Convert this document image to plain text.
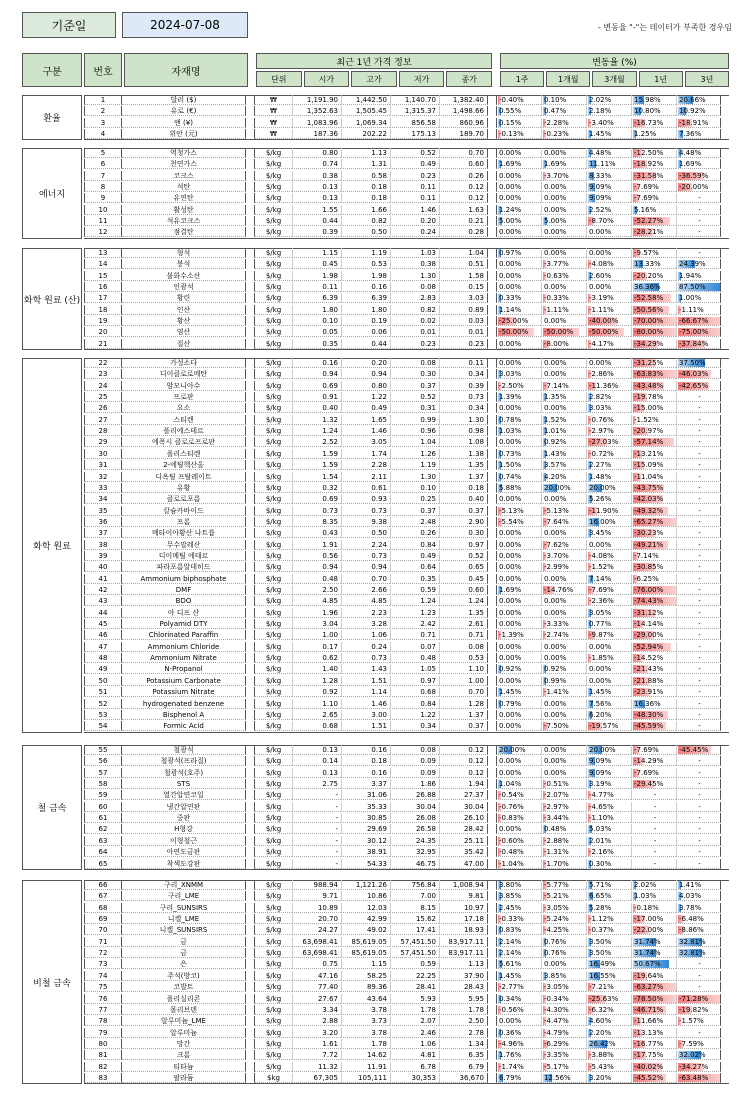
기준일	2024-07-08	- 변동율 "-"는 데이터가 부족한 경우임
구분	번호	자재명
최근 1년 가격 정보
단위	시가	고가	저가	종가
변동율 (%)
1주	1개월	3개월	1년	3년
환율
1	달러 ($)	₩	1,191.90	1,442.50	1,140.70	1,382.40	-0.40%	0.10%	2.02%	15.98%	20.66%
2	유로 (€)	₩	1,352.63	1,505.45	1,315.37	1,498.66	0.55%	0.47%	2.18%	10.80%	10.92%
3	엔 (¥)	₩	1,083.96	1,069.34	856.58	860.96	0.15%	-2.28%	-3.40%	-16.73%	-18.91%
4	위안 (元)	₩	187.36	202.22	175.13	189.70	-0.13%	-0.23%	1.45%	1.25%	7.36%
에너지
5	역청가스	$/kg	0.80	1.13	0.52	0.70	0.00%	0.00%	4.48%	-12.50%	4.48%
6	천연가스	$/kg	0.74	1.31	0.49	0.60	1.69%	1.69%	11.11%	-18.92%	1.69%
7	코크스	$/kg	0.38	0.58	0.23	0.26	0.00%	-3.70%	8.33%	-31.58%	-36.59%
8	석탄	$/kg	0.13	0.18	0.11	0.12	0.00%	0.00%	9.09%	-7.69%	-20.00%
9	유연탄	$/kg	0.13	0.18	0.11	0.12	0.00%	0.00%	9.09%	-7.69%	-
10	활성탄	$/kg	1.55	1.66	1.46	1.63	1.24%	0.00%	2.52%	5.16%	-
11	석유코크스	$/kg	0.44	0.82	0.20	0.21	5.00%	5.00%	-8.70%	-52.27%	-
12	점결탄	$/kg	0.39	0.50	0.24	0.28	0.00%	0.00%	0.00%	-28.21%	-
화학 원료 (산)
13	형석	$/kg	1.15	1.19	1.03	1.04	0.97%	0.00%	0.00%	-9.57%	-
14	붕석	$/kg	0.45	0.53	0.38	0.51	0.00%	-3.77%	-4.08%	13.33%	24.39%
15	불화수소산	$/kg	1.98	1.98	1.30	1.58	0.00%	-0.63%	2.60%	-20.20%	1.94%
16	인광석	$/kg	0.11	0.16	0.08	0.15	0.00%	0.00%	0.00%	36.36%	87.50%
17	황린	$/kg	6.39	6.39	2.83	3.03	0.33%	-0.33%	-3.19%	-52.58%	1.00%
18	인산	$/kg	1.80	1.80	0.82	0.89	1.14%	-1.11%	-1.11%	-50.56%	-1.11%
19	황산	$/kg	0.10	0.19	0.02	0.03	-25.00%	0.00%	-40.00%	-70.00%	-66.67%
20	염산	$/kg	0.05	0.06	0.01	0.01	-50.00%	-50.00%	-50.00%	-80.00%	-75.00%
21	질산	$/kg	0.35	0.44	0.23	0.23	0.00%	-8.00%	-4.17%	-34.29%	-37.84%
화학 원료
22	가성소다	$/kg	0.16	0.20	0.08	0.11	0.00%	0.00%	0.00%	-31.25%	37.50%
23	디이클로로메탄	$/kg	0.94	0.94	0.30	0.34	3.03%	0.00%	-2.86%	-63.83%	-46.03%
24	암모니아수	$/kg	0.69	0.80	0.37	0.39	-2.50%	-7.14%	-11.36%	-43.48%	-42.65%
25	프로판	$/kg	0.91	1.22	0.52	0.73	1.39%	1.35%	2.82%	-19.78%	-
26	요소	$/kg	0.40	0.49	0.31	0.34	0.00%	0.00%	3.03%	-15.00%	-
27	스티렌	$/kg	1.32	1.65	0.99	1.30	0.78%	1.52%	-0.76%	-1.52%	-
28	폴리에스테르	$/kg	1.24	1.46	0.96	0.98	1.03%	1.01%	-2.97%	-20.97%	-
29	에폭시 클로로프로판	$/kg	2.52	3.05	1.04	1.08	0.00%	0.92%	-27.03%	-57.14%	-
30	폴리스티렌	$/kg	1.59	1.74	1.26	1.38	0.73%	1.43%	-0.72%	-13.21%	-
31	2-에틸헥산올	$/kg	1.59	2.28	1.19	1.35	1.50%	3.57%	2.27%	-15.09%	-
32	디옥틸 프탈레이트	$/kg	1.54	2.11	1.30	1.37	0.74%	4.20%	1.48%	-11.04%	-
33	유황	$/kg	0.32	0.61	0.10	0.18	5.88%	20.00%	20.00%	-43.75%	-
34	클로로포름	$/kg	0.69	0.93	0.25	0.40	0.00%	0.00%	5.26%	-42.03%	-
35	칼슘카바이드	$/kg	0.73	0.73	0.37	0.37	-5.13%	-5.13%	-11.90%	-49.32%	-
36	프롬	$/kg	8.35	9.38	2.48	2.90	-5.54%	-7.64%	16.00%	-65.27%	-
37	메타이아황산 나트륨	$/kg	0.43	0.50	0.26	0.30	0.00%	0.00%	3.45%	-30.23%	-
38	무수말레산	$/kg	1.91	2.24	0.84	0.97	0.00%	-7.62%	0.00%	-49.21%	-
39	디이메틸 에테르	$/kg	0.56	0.73	0.49	0.52	0.00%	-3.70%	-4.08%	-7.14%	-
40	파라포름알데히드	$/kg	0.94	0.94	0.64	0.65	0.00%	-2.99%	-1.52%	-30.85%	-
41	Ammonium biphosphate	$/kg	0.48	0.70	0.35	0.45	0.00%	0.00%	7.14%	-6.25%	-
42	DMF	$/kg	2.50	2.66	0.59	0.60	1.69%	-14.76%	-7.69%	-76.00%	-
43	BDO	$/kg	4.85	4.85	1.24	1.24	0.00%	0.00%	-2.36%	-74.43%	-
44	아 디프 산	$/kg	1.96	2.23	1.23	1.35	0.00%	0.00%	3.05%	-31.12%	-
45	Polyamid DTY	$/kg	3.04	3.28	2.42	2.61	0.00%	-3.33%	0.77%	-14.14%	-
46	Chlorinated Paraffin	$/kg	1.00	1.06	0.71	0.71	-1.39%	-2.74%	-9.87%	-29.00%	-
47	Ammonium Chloride	$/kg	0.17	0.24	0.07	0.08	0.00%	0.00%	0.00%	-52.94%	-
48	Ammonium Nitrate	$/kg	0.62	0.73	0.48	0.53	0.00%	0.00%	-1.85%	-14.52%	-
49	N-Propanol	$/kg	1.40	1.43	1.05	1.10	0.92%	0.92%	0.00%	-21.43%	-
50	Potassium Carbonate	$/kg	1.28	1.51	0.97	1.00	0.00%	0.99%	0.00%	-21.88%	-
51	Potassium Nitrate	$/kg	0.92	1.14	0.68	0.70	1.45%	-1.41%	1.45%	-23.91%	-
52	hydrogenated benzene	$/kg	1.10	1.46	0.84	1.28	0.79%	0.00%	7.56%	16.36%	-
53	Bisphenol A	$/kg	2.65	3.00	1.22	1.37	0.00%	0.00%	6.20%	-48.30%	-
54	Formic Acid	$/kg	0.68	1.51	0.34	0.37	0.00%	-7.50%	-19.57%	-45.59%	-
철 금속
55	철광석	$/kg	0.13	0.16	0.08	0.12	20.00%	0.00%	20.00%	-7.69%	-45.45%
56	철광석(프라질)	$/kg	0.14	0.18	0.09	0.12	0.00%	0.00%	9.09%	-14.29%	-
57	철광석(호주)	$/kg	0.13	0.16	0.09	0.12	0.00%	0.00%	9.09%	-7.69%	-
58	STS	$/kg	2.75	3.37	1.86	1.94	1.04%	-0.51%	3.19%	-29.45%	-
59	열간압연코일	$/kg	-	31.06	26.88	27.37	-0.54%	-2.07%	-4.77%	-	-
60	냉간압연판	$/kg	-	35.33	30.04	30.04	-0.76%	-2.97%	-4.65%	-	-
61	중판	$/kg	-	30.85	26.08	26.10	-0.83%	-3.44%	-1.10%	-	-
62	H형강	$/kg	-	29.69	26.58	28.42	0.00%	0.48%	5.03%	-	-
63	이형철근	$/kg	-	30.12	24.35	25.11	-0.60%	-2.88%	2.01%	-	-
64	아연도금판	$/kg	-	38.91	32.95	35.42	-0.48%	-1.31%	-2.16%	-	-
65	착색도강판	$/kg	-	54.33	46.75	47.00	-1.04%	-1.70%	0.30%	-	-
비철 금속
66	구리_XNMM	$/kg	988.94	1,121.26	756.84	1,008.94	3.80%	-5.77%	5.71%	2.02%	1.41%
67	구리_LME	$/kg	9.71	10.86	7.00	9.81	3.85%	-5.21%	6.65%	1.03%	4.03%
68	구리_SUNSIRS	$/kg	10.89	12.03	8.15	10.97	2.45%	-3.05%	5.28%	-0.18%	3.78%
69	니켈_LME	$/kg	20.70	42.99	15.62	17.18	-0.33%	-5.24%	-1.12%	-17.00%	-6.48%
70	니켈_SUNSIRS	$/kg	24.27	49.02	17.41	18.93	0.83%	-4.25%	-0.37%	-22.00%	-8.86%
71	금	$/kg	63,698.41	85,619.05	57,451.50	83,917.11	2.14%	0.76%	3.50%	31.74%	32.81%
72	금	$/kg	63,698.41	85,619.05	57,451.50	83,917.11	2.14%	0.76%	3.50%	31.74%	32.81%
73	은	$/kg	0.75	1.15	0.59	1.13	5.61%	0.00%	16.49%	50.67%	-
74	주석(방코)	$/kg	47.16	58.25	22.25	37.90	1.45%	3.85%	16.55%	-19.64%	-
75	코발트	$/kg	77.40	89.36	28.41	28.43	-2.77%	-3.05%	-7.21%	-63.27%	-
76	폴리실리콘	$/kg	27.67	43.64	5.93	5.95	0.34%	-0.34%	-25.63%	-78.50%	-71.28%
77	몰리브덴	$/kg	3.34	3.78	1.78	1.78	-0.56%	-4.30%	-6.32%	-46.71%	-19.82%
78	알루미늄_LME	$/kg	2.88	3.73	2.07	2.50	0.00%	-4.47%	4.60%	-11.66%	-1.57%
79	알루미늄	$/kg	3.20	3.78	2.46	2.78	0.36%	-4.79%	2.20%	-13.13%	-
80	망간	$/kg	1.61	1.78	1.06	1.34	-4.96%	-6.29%	26.42%	-16.77%	-7.59%
81	크롬	$/kg	7.72	14.62	4.81	6.35	1.76%	-3.35%	-3.88%	-17.75%	32.02%
82	티타늄	$/kg	11.32	11.91	6.78	6.79	-1.74%	-5.17%	-5.43%	-40.02%	-34.27%
83	팔라듐	$kg	67,305	105,111	30,353	36,670	6.79%	12.56%	3.20%	-45.52%	-63.48%
